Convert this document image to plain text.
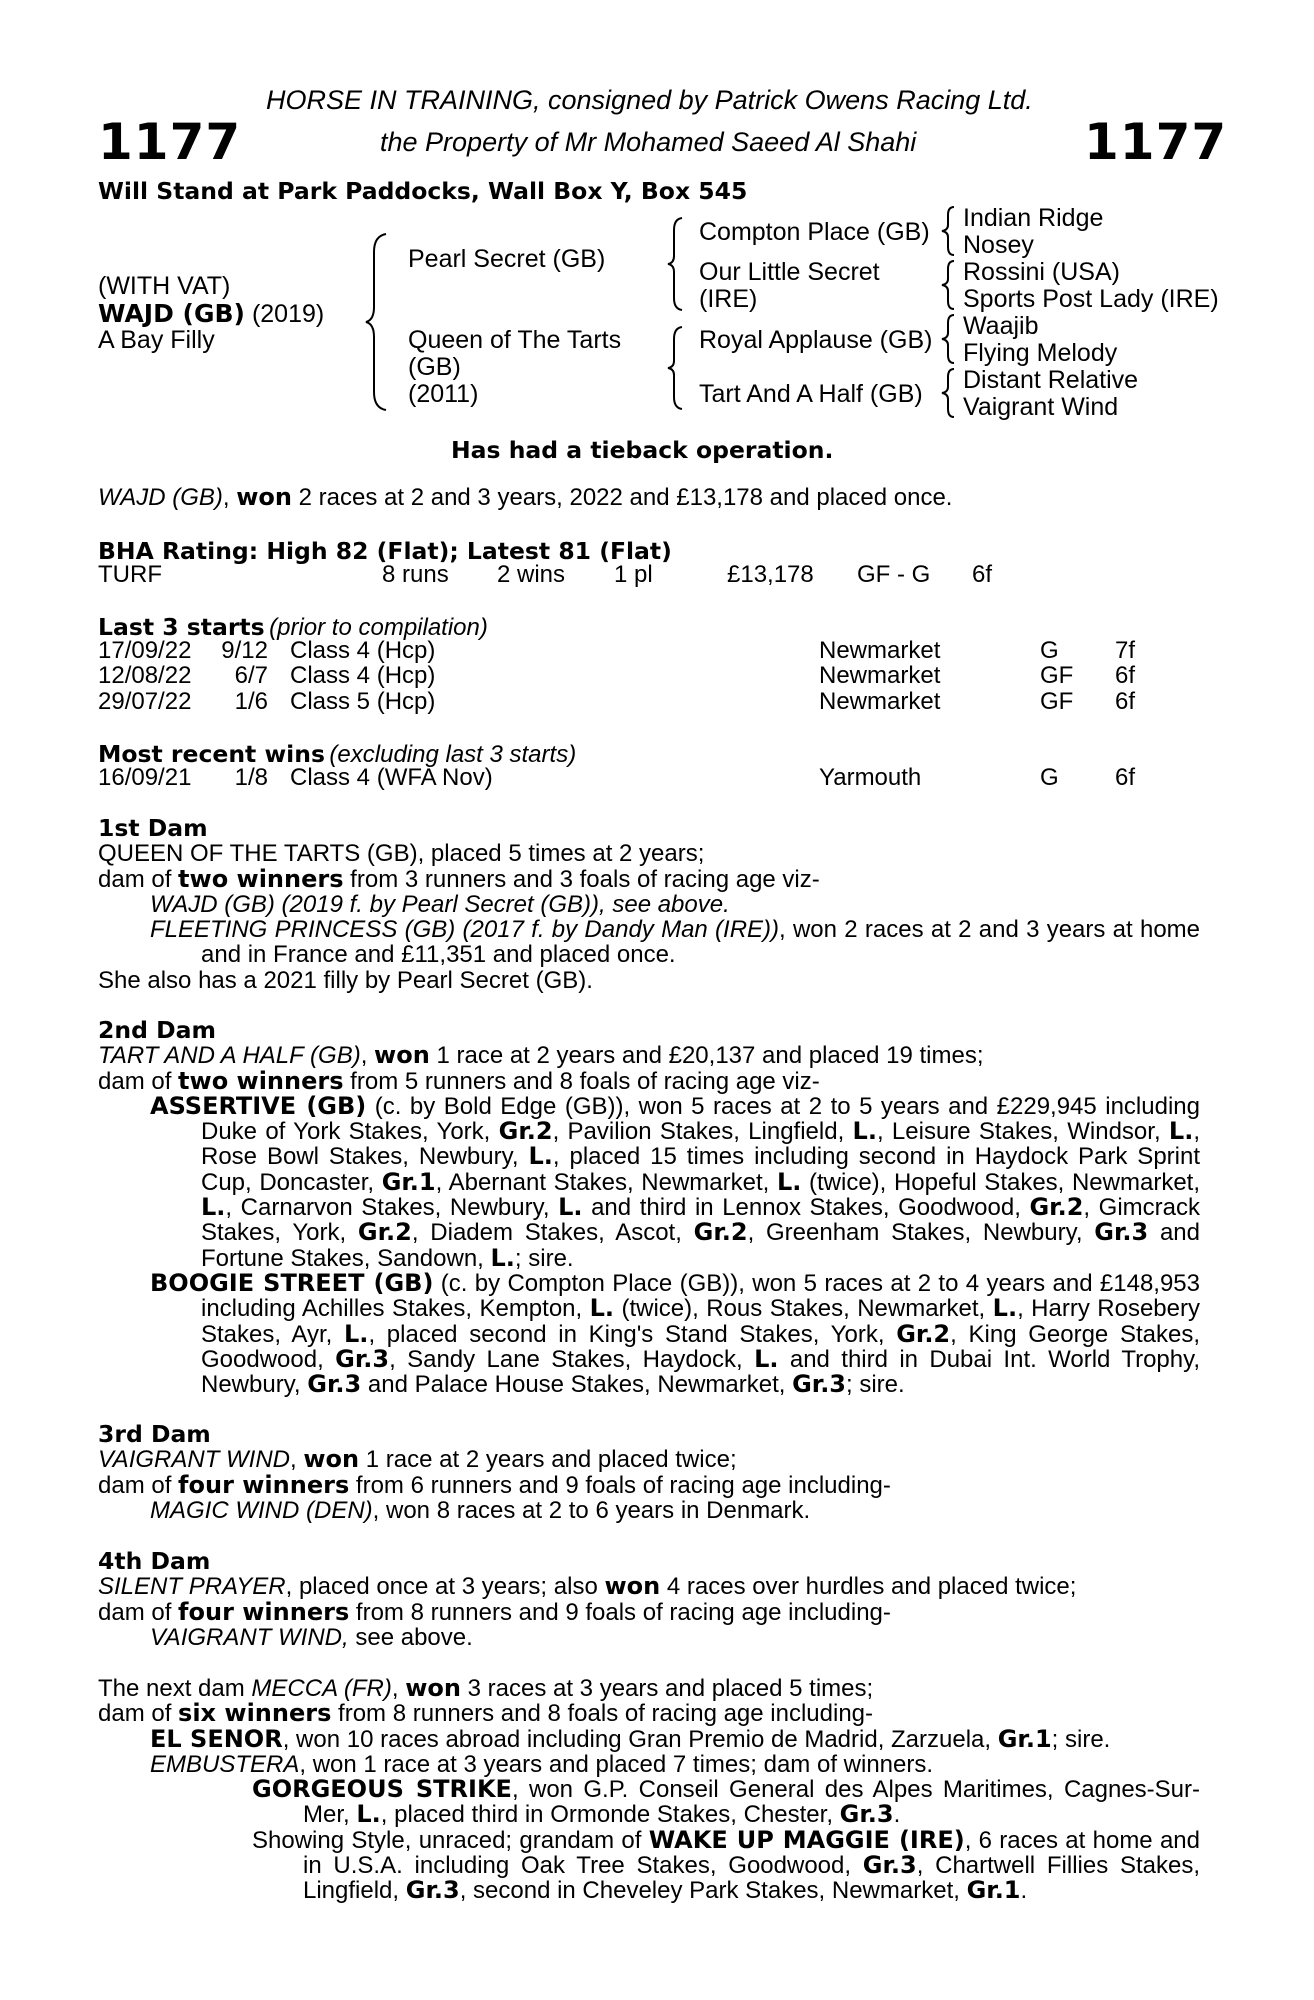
HORSE IN TRAINING, consigned by Patrick Owens Racing Ltd.
1177	the Property of Mr Mohamed Saeed Al Shahi	1177
Will Stand at Park Paddocks, Wall Box Y, Box 545
(WITH VAT)
WAJD (GB) (2019)
A Bay Filly
Pearl Secret (GB)
Queen of The Tarts
(GB)
(2011)
Compton Place (GB)
Our Little Secret
(IRE)
Royal Applause (GB)
Tart And A Half (GB)
Indian Ridge
Nosey
Rossini (USA)
Sports Post Lady (IRE)
Waajib
Flying Melody
Distant Relative
Vaigrant Wind
Has had a tieback operation.
WAJD (GB), won 2 races at 2 and 3 years, 2022 and £13,178 and placed once.
BHA Rating: High 82 (Flat); Latest 81 (Flat)
TURF	8 runs 2 wins 1 pl	£13,178 GF - G 6f
Last 3 starts (prior to compilation)
17/09/22	9/12 Class 4 (Hcp)	Newmarket	G 7f
12/08/22	6/7 Class 4 (Hcp)	Newmarket	GF 6f
29/07/22	1/6 Class 5 (Hcp)	Newmarket	GF 6f
Most recent wins (excluding last 3 starts)
16/09/21	1/8 Class 4 (WFA Nov)	Yarmouth	G 6f

1st Dam

QUEEN OF THE TARTS (GB), placed 5 times at 2 years;

dam of two winners from 3 runners and 3 foals of racing age viz-

WAJD (GB) (2019 f. by Pearl Secret (GB)), see above.

FLEETING PRINCESS (GB) (2017 f. by Dandy Man (IRE)), won 2 races at 2 and 3 years at home and in France and £11,351 and placed once.

She also has a 2021 filly by Pearl Secret (GB).

2nd Dam

TART AND A HALF (GB), won 1 race at 2 years and £20,137 and placed 19 times;

dam of two winners from 5 runners and 8 foals of racing age viz-

ASSERTIVE (GB) (c. by Bold Edge (GB)), won 5 races at 2 to 5 years and £229,945 including Duke of York Stakes, York, Gr.2, Pavilion Stakes, Lingfield, L., Leisure Stakes, Windsor, L., Rose Bowl Stakes, Newbury, L., placed 15 times including second in Haydock Park Sprint Cup, Doncaster, Gr.1, Abernant Stakes, Newmarket, L. (twice), Hopeful Stakes, Newmarket, L., Carnarvon Stakes, Newbury, L. and third in Lennox Stakes, Goodwood, Gr.2, Gimcrack Stakes, York, Gr.2, Diadem Stakes, Ascot, Gr.2, Greenham Stakes, Newbury, Gr.3 and Fortune Stakes, Sandown, L.; sire.

BOOGIE STREET (GB) (c. by Compton Place (GB)), won 5 races at 2 to 4 years and £148,953 including Achilles Stakes, Kempton, L. (twice), Rous Stakes, Newmarket, L., Harry Rosebery Stakes, Ayr, L., placed second in King's Stand Stakes, York, Gr.2, King George Stakes, Goodwood, Gr.3, Sandy Lane Stakes, Haydock, L. and third in Dubai Int. World Trophy, Newbury, Gr.3 and Palace House Stakes, Newmarket, Gr.3; sire.

3rd Dam

VAIGRANT WIND, won 1 race at 2 years and placed twice;

dam of four winners from 6 runners and 9 foals of racing age including-

MAGIC WIND (DEN), won 8 races at 2 to 6 years in Denmark.

4th Dam

SILENT PRAYER, placed once at 3 years; also won 4 races over hurdles and placed twice;

dam of four winners from 8 runners and 9 foals of racing age including-

VAIGRANT WIND, see above.

The next dam MECCA (FR), won 3 races at 3 years and placed 5 times;

dam of six winners from 8 runners and 8 foals of racing age including-

EL SENOR, won 10 races abroad including Gran Premio de Madrid, Zarzuela, Gr.1; sire.

EMBUSTERA, won 1 race at 3 years and placed 7 times; dam of winners.

GORGEOUS STRIKE, won G.P. Conseil General des Alpes Maritimes, Cagnes-Sur-Mer, L., placed third in Ormonde Stakes, Chester, Gr.3.

Showing Style, unraced; grandam of WAKE UP MAGGIE (IRE), 6 races at home and in U.S.A. including Oak Tree Stakes, Goodwood, Gr.3, Chartwell Fillies Stakes, Lingfield, Gr.3, second in Cheveley Park Stakes, Newmarket, Gr.1.
